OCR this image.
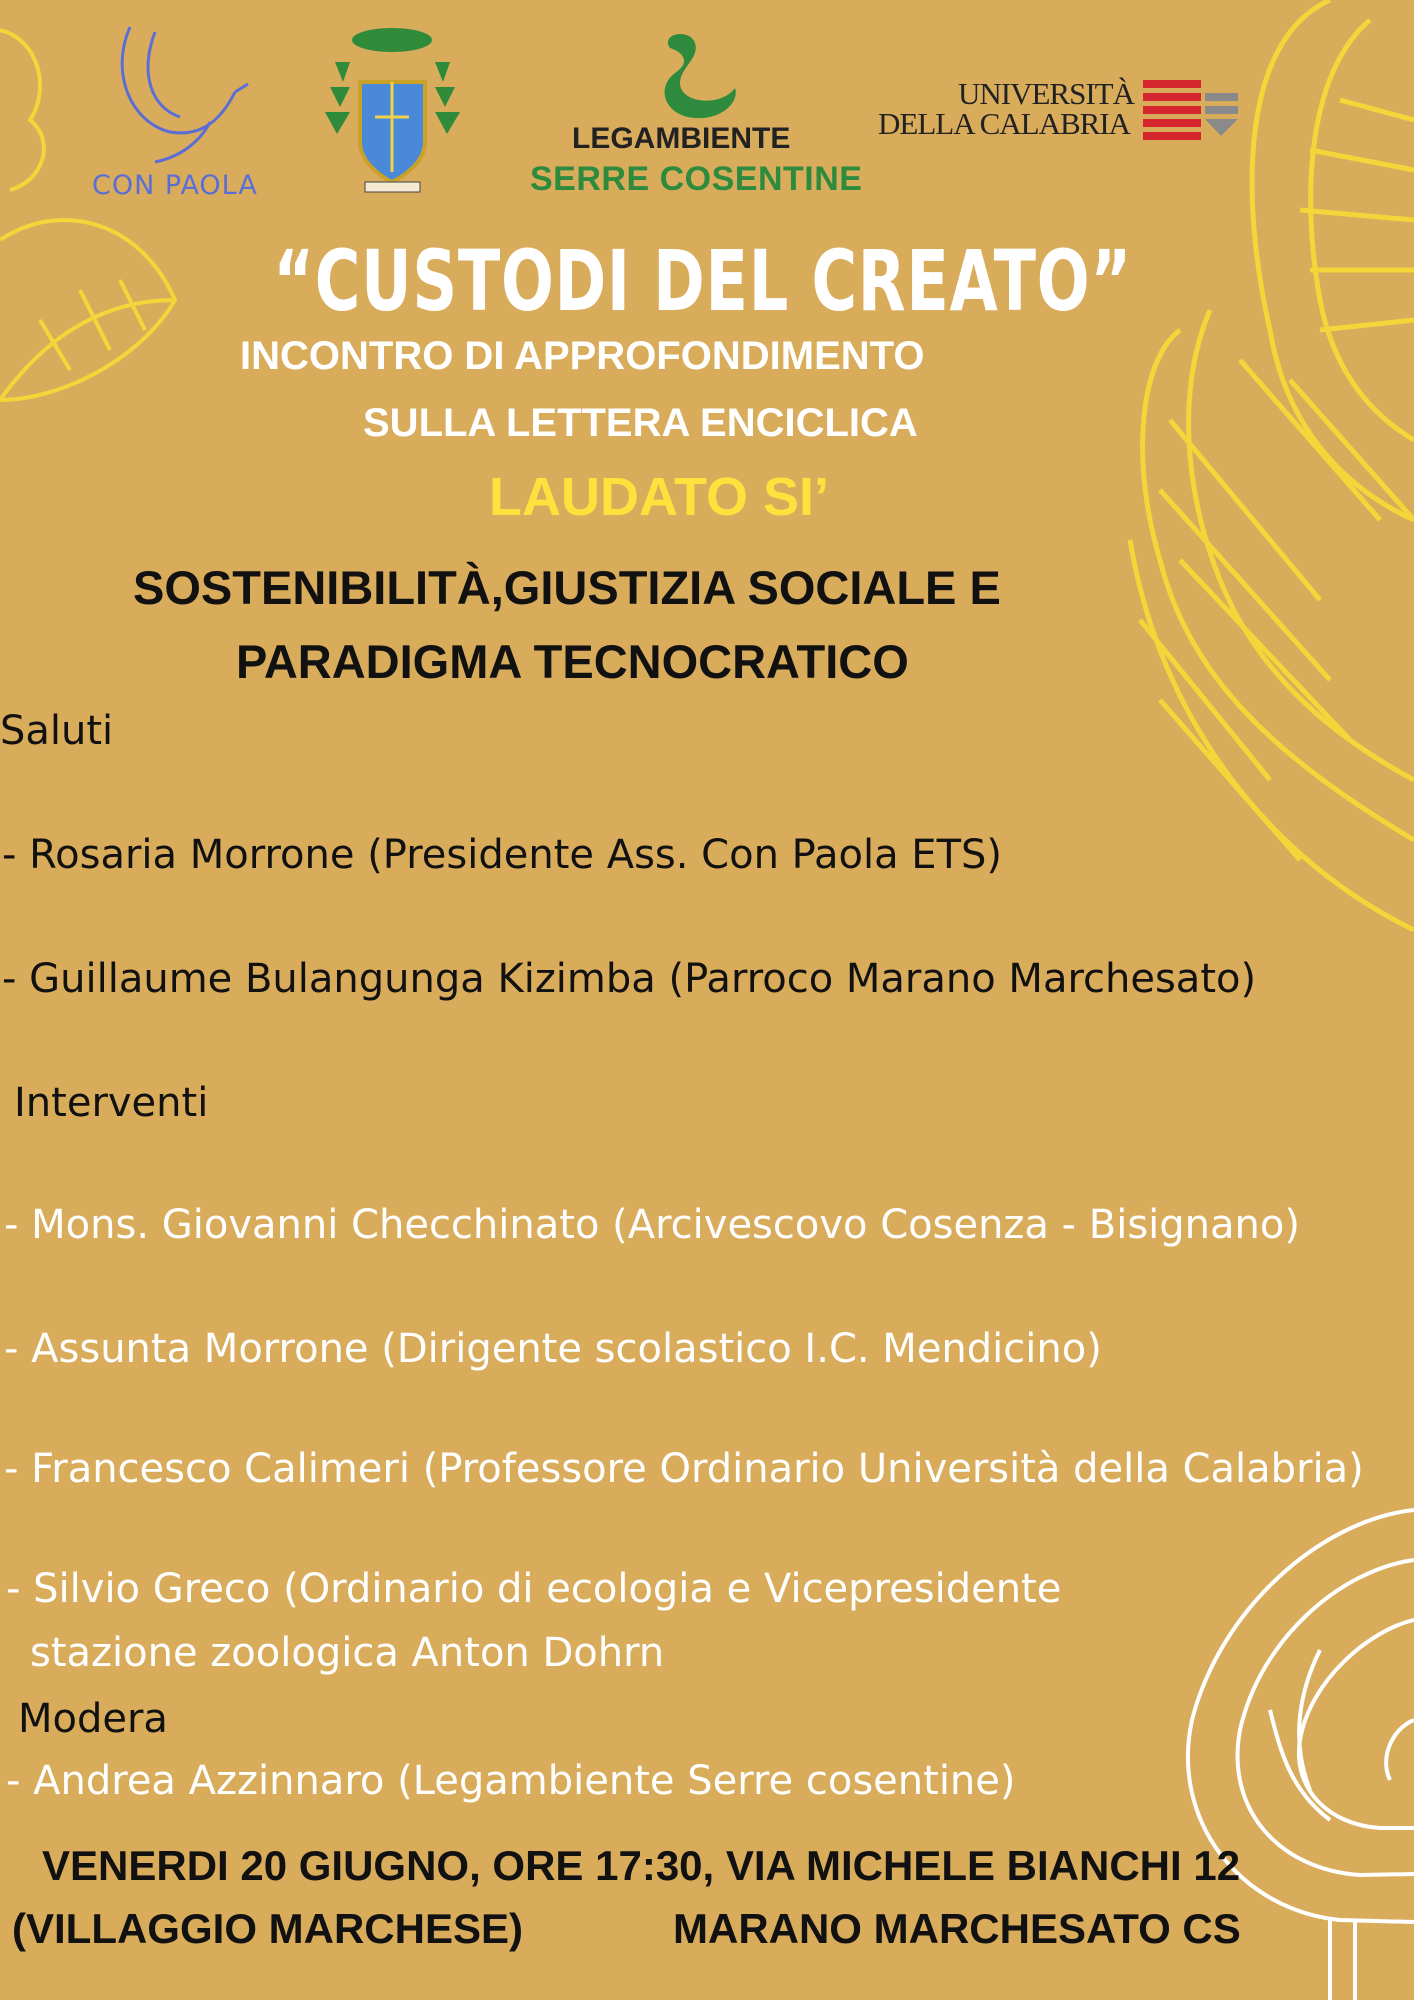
CON PAOLA
LEGAMBIENTE
SERRE COSENTINE
UNIVERSITÀ
DELLA CALABRIA
“CUSTODI DEL CREATO”
INCONTRO DI APPROFONDIMENTO
SULLA LETTERA ENCICLICA
LAUDATO SI’
SOSTENIBILITÀ,GIUSTIZIA SOCIALE E
PARADIGMA TECNOCRATICO
Saluti
- Rosaria Morrone (Presidente Ass. Con Paola ETS)
- Guillaume Bulangunga Kizimba (Parroco Marano Marchesato)
Interventi
- Mons. Giovanni Checchinato (Arcivescovo Cosenza - Bisignano)
- Assunta Morrone (Dirigente scolastico I.C. Mendicino)
- Francesco Calimeri (Professore Ordinario Università della Calabria)
- Silvio Greco (Ordinario di ecologia e Vicepresidente
stazione zoologica Anton Dohrn
Modera
- Andrea Azzinnaro (Legambiente Serre cosentine)
VENERDI 20 GIUGNO, ORE 17:30, VIA MICHELE BIANCHI 12
(VILLAGGIO MARCHESE)	MARANO MARCHESATO CS
